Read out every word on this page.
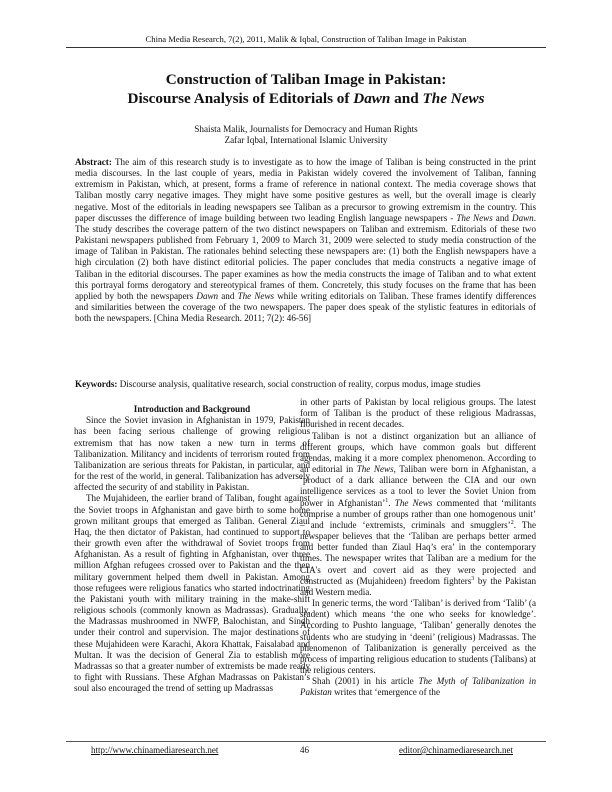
China Media Research, 7(2), 2011, Malik & Iqbal, Construction of Taliban Image in Pakistan
Construction of Taliban Image in Pakistan:
Discourse Analysis of Editorials of Dawn and The News
Shaista Malik, Journalists for Democracy and Human Rights
Zafar Iqbal, International Islamic University
Abstract: The aim of this research study is to investigate as to how the image of Taliban is being constructed in the print media discourses. In the last couple of years, media in Pakistan widely covered the involvement of Taliban, fanning extremism in Pakistan, which, at present, forms a frame of reference in national context. The media coverage shows that Taliban mostly carry negative images. They might have some positive gestures as well, but the overall image is clearly negative. Most of the editorials in leading newspapers see Taliban as a precursor to growing extremism in the country. This paper discusses the difference of image building between two leading English language newspapers - The News and Dawn. The study describes the coverage pattern of the two distinct newspapers on Taliban and extremism. Editorials of these two Pakistani newspapers published from February 1, 2009 to March 31, 2009 were selected to study media construction of the image of Taliban in Pakistan. The rationales behind selecting these newspapers are: (1) both the English newspapers have a high circulation (2) both have distinct editorial policies. The paper concludes that media constructs a negative image of Taliban in the editorial discourses. The paper examines as how the media constructs the image of Taliban and to what extent this portrayal forms derogatory and stereotypical frames of them. Concretely, this study focuses on the frame that has been applied by both the newspapers Dawn and The News while writing editorials on Taliban. These frames identify differences and similarities between the coverage of the two newspapers. The paper does speak of the stylistic features in editorials of both the newspapers. [China Media Research. 2011; 7(2): 46-56]
Keywords: Discourse analysis, qualitative research, social construction of reality, corpus modus, image studies

Introduction and Background

Since the Soviet invasion in Afghanistan in 1979, Pakistan has been facing serious challenge of growing religious extremism that has now taken a new turn in terms of Talibanization. Militancy and incidents of terrorism routed from Talibanization are serious threats for Pakistan, in particular, and for the rest of the world, in general. Talibanization has adversely affected the security of and stability in Pakistan.

The Mujahideen, the earlier brand of Taliban, fought against the Soviet troops in Afghanistan and gave birth to some home grown militant groups that emerged as Taliban. General Ziaul Haq, the then dictator of Pakistan, had continued to support to their growth even after the withdrawal of Soviet troops from Afghanistan. As a result of fighting in Afghanistan, over three million Afghan refugees crossed over to Pakistan and the then military government helped them dwell in Pakistan. Among those refugees were religious fanatics who started indoctrinating the Pakistani youth with military training in the make-shift religious schools (commonly known as Madrassas). Gradually, the Madrassas mushroomed in NWFP, Balochistan, and Sindh under their control and supervision. The major destinations of these Mujahideen were Karachi, Akora Khattak, Faisalabad and Multan. It was the decision of General Zia to establish more Madrassas so that a greater number of extremists be made ready to fight with Russians. These Afghan Madrassas on Pakistan’s soul also encouraged the trend of setting up Madrassas

in other parts of Pakistan by local religious groups. The latest form of Taliban is the product of these religious Madrassas, flourished in recent decades.

Taliban is not a distinct organization but an alliance of different groups, which have common goals but different agendas, making it a more complex phenomenon. According to an editorial in The News, Taliban were born in Afghanistan, a ‘product of a dark alliance between the CIA and our own intelligence services as a tool to lever the Soviet Union from power in Afghanistan’$^1$. The News commented that ‘militants comprise a number of groups rather than one homogenous unit’ – and include ‘extremists, criminals and smugglers’$^2$. The newspaper believes that the ‘Taliban are perhaps better armed and better funded than Ziaul Haq’s era’ in the contemporary times. The newspaper writes that Taliban are a medium for the CIA's overt and covert aid as they were projected and constructed as (Mujahideen) freedom fighters$^3$ by the Pakistan and Western media.

In generic terms, the word ‘Taliban’ is derived from ‘Talib’ (a student) which means ‘the one who seeks for knowledge’. According to Pushto language, ‘Taliban’ generally denotes the students who are studying in ‘deeni’ (religious) Madrassas. The phenomenon of Talibanization is generally perceived as the process of imparting religious education to students (Talibans) at the religious centers.

Shah (2001) in his article The Myth of Talibanization in Pakistan writes that ‘emergence of the

http://www.chinamediaresearch.net	46	editor@chinamediaresearch.net
